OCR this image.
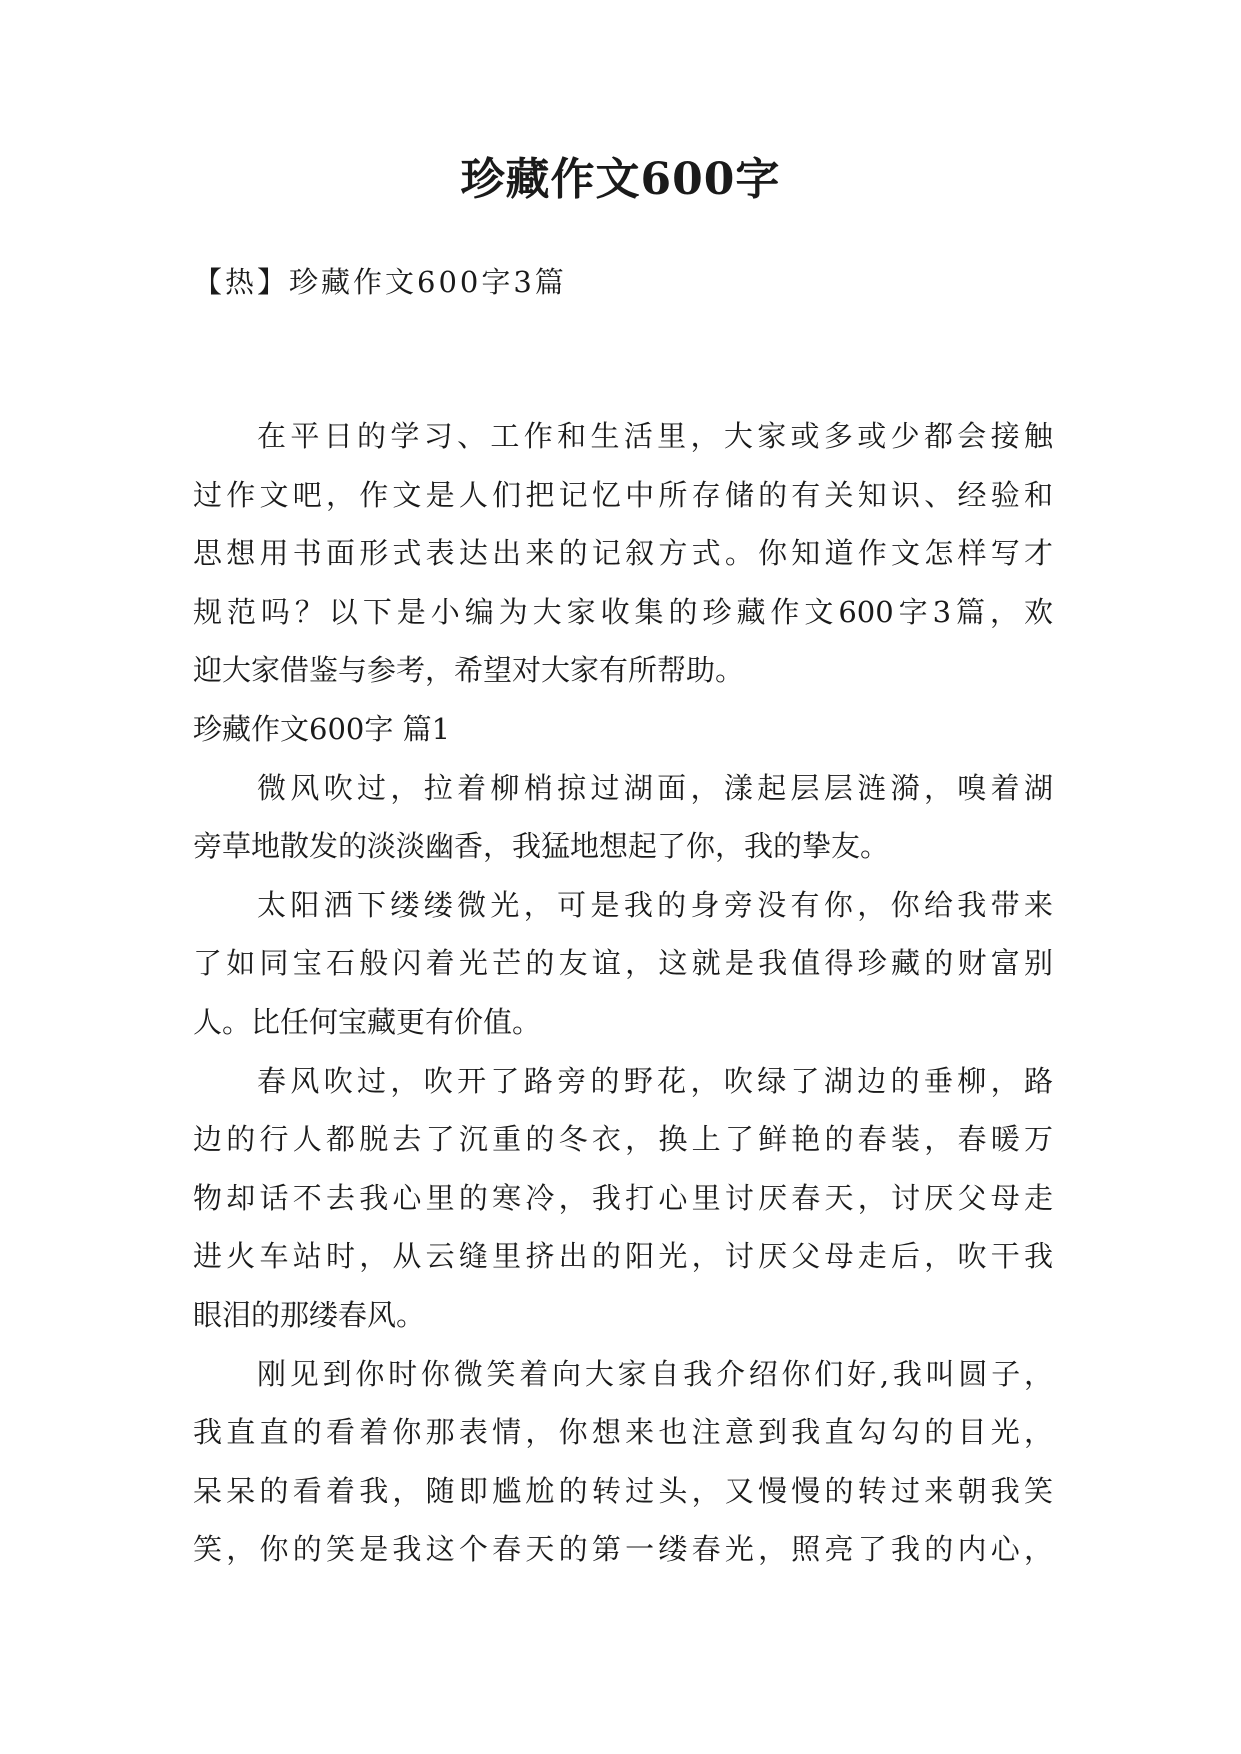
珍藏作文600字

【热】珍藏作文600字3篇

在平日的学习、工作和生活里，大家或多或少都会接触
过作文吧，作文是人们把记忆中所存储的有关知识、经验和
思想用书面形式表达出来的记叙方式。你知道作文怎样写才
规范吗？以下是小编为大家收集的珍藏作文600字3篇，欢
迎大家借鉴与参考，希望对大家有所帮助。
珍藏作文600字 篇1
微风吹过，拉着柳梢掠过湖面，漾起层层涟漪，嗅着湖
旁草地散发的淡淡幽香，我猛地想起了你，我的挚友。
太阳洒下缕缕微光，可是我的身旁没有你，你给我带来
了如同宝石般闪着光芒的友谊，这就是我值得珍藏的财富别
人。比任何宝藏更有价值。
春风吹过，吹开了路旁的野花，吹绿了湖边的垂柳，路
边的行人都脱去了沉重的冬衣，换上了鲜艳的春装，春暖万
物却话不去我心里的寒冷，我打心里讨厌春天，讨厌父母走
进火车站时，从云缝里挤出的阳光，讨厌父母走后，吹干我
眼泪的那缕春风。
刚见到你时你微笑着向大家自我介绍你们好,我叫圆子，
我直直的看着你那表情，你想来也注意到我直勾勾的目光，
呆呆的看着我，随即尴尬的转过头，又慢慢的转过来朝我笑
笑，你的笑是我这个春天的第一缕春光，照亮了我的内心，
